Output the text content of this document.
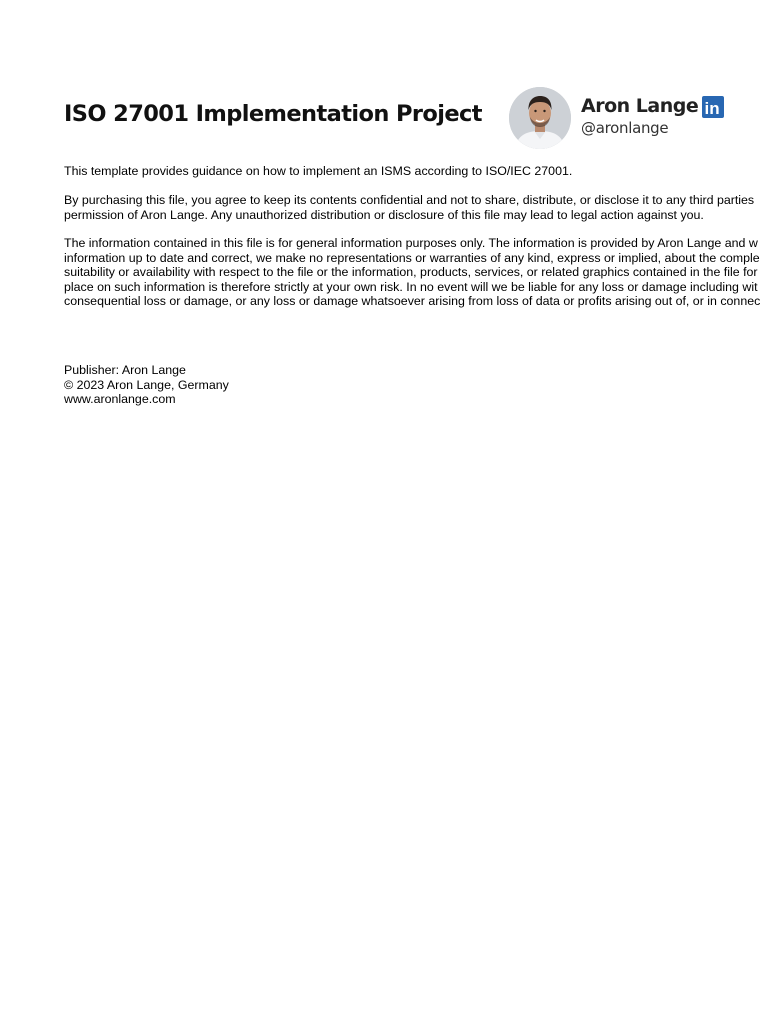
ISO 27001 Implementation Project	Aron Lange in
@aronlange
This template provides guidance on how to implement an ISMS according to ISO/IEC 27001.
By purchasing this file, you agree to keep its contents confidential and not to share, distribute, or disclose it to any third parties
permission of Aron Lange. Any unauthorized distribution or disclosure of this file may lead to legal action against you.
The information contained in this file is for general information purposes only. The information is provided by Aron Lange and w
information up to date and correct, we make no representations or warranties of any kind, express or implied, about the comple
suitability or availability with respect to the file or the information, products, services, or related graphics contained in the file for
place on such information is therefore strictly at your own risk. In no event will we be liable for any loss or damage including wit
consequential loss or damage, or any loss or damage whatsoever arising from loss of data or profits arising out of, or in connec
Publisher: Aron Lange
© 2023 Aron Lange, Germany
www.aronlange.com
